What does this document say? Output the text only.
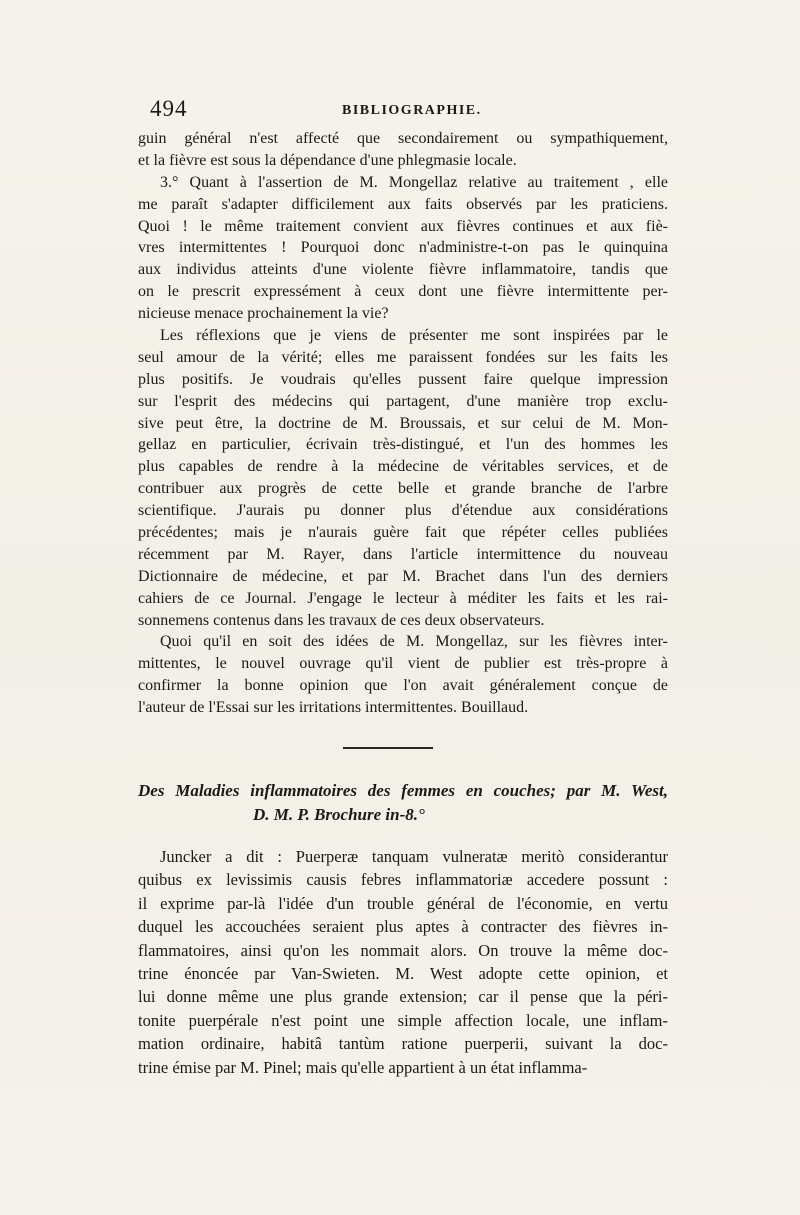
494	BIBLIOGRAPHIE.
guin général n'est affecté que secondairement ou sympathiquement,
et la fièvre est sous la dépendance d'une phlegmasie locale.
3.° Quant à l'assertion de M. Mongellaz relative au traitement , elle
me paraît s'adapter difficilement aux faits observés par les praticiens.
Quoi ! le même traitement convient aux fièvres continues et aux fiè-
vres intermittentes ! Pourquoi donc n'administre-t-on pas le quinquina
aux individus atteints d'une violente fièvre inflammatoire, tandis que
on le prescrit expressément à ceux dont une fièvre intermittente per-
nicieuse menace prochainement la vie?
Les réflexions que je viens de présenter me sont inspirées par le
seul amour de la vérité; elles me paraissent fondées sur les faits les
plus positifs. Je voudrais qu'elles pussent faire quelque impression
sur l'esprit des médecins qui partagent, d'une manière trop exclu-
sive peut être, la doctrine de M. Broussais, et sur celui de M. Mon-
gellaz en particulier, écrivain très-distingué, et l'un des hommes les
plus capables de rendre à la médecine de véritables services, et de
contribuer aux progrès de cette belle et grande branche de l'arbre
scientifique. J'aurais pu donner plus d'étendue aux considérations
précédentes; mais je n'aurais guère fait que répéter celles publiées
récemment par M. Rayer, dans l'article intermittence du nouveau
Dictionnaire de médecine, et par M. Brachet dans l'un des derniers
cahiers de ce Journal. J'engage le lecteur à méditer les faits et les rai-
sonnemens contenus dans les travaux de ces deux observateurs.
Quoi qu'il en soit des idées de M. Mongellaz, sur les fièvres inter-
mittentes, le nouvel ouvrage qu'il vient de publier est très-propre à
confirmer la bonne opinion que l'on avait généralement conçue de
l'auteur de l'Essai sur les irritations intermittentes. Bouillaud.
Des Maladies inflammatoires des femmes en couches; par M. West,
D. M. P. Brochure in-8.°
Juncker a dit : Puerperæ tanquam vulneratæ meritò considerantur
quibus ex levissimis causis febres inflammatoriæ accedere possunt :
il exprime par-là l'idée d'un trouble général de l'économie, en vertu
duquel les accouchées seraient plus aptes à contracter des fièvres in-
flammatoires, ainsi qu'on les nommait alors. On trouve la même doc-
trine énoncée par Van-Swieten. M. West adopte cette opinion, et
lui donne même une plus grande extension; car il pense que la péri-
tonite puerpérale n'est point une simple affection locale, une inflam-
mation ordinaire, habitâ tantùm ratione puerperii, suivant la doc-
trine émise par M. Pinel; mais qu'elle appartient à un état inflamma-
